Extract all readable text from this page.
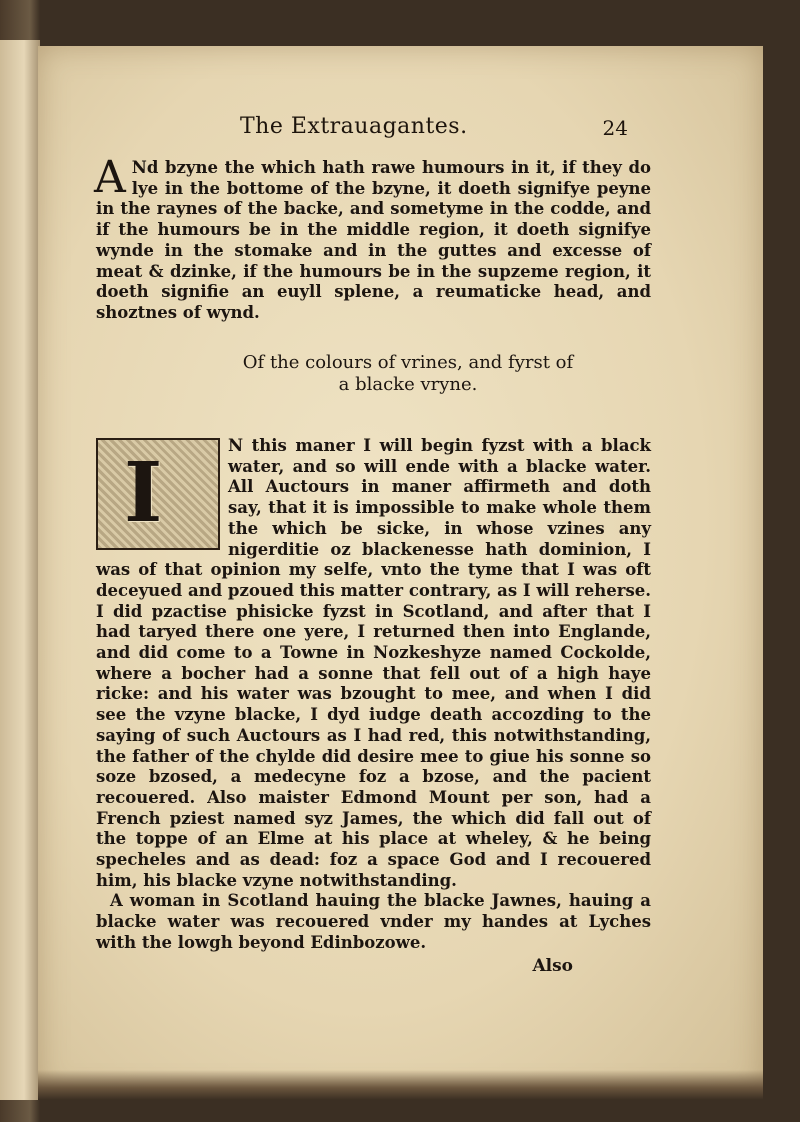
The Extrauagantes.	24

A Nd bzyne the which hath rawe humours in it, if they do lye in the bottome of the bzyne, it doeth signifye peyne in the raynes of the backe, and sometyme in the codde, and if the humours be in the middle region, it doeth signifye wynde in the stomake and in the guttes and excesse of meat & dzinke, if the humours be in the supzeme region, it doeth signifie an euyll splene, a reumaticke head, and shoztnes of wynd.

Of the colours of vrines, and fyrst of
a blacke vryne.
I	N this maner I will begin fyzst with a black water, and so will ende with a blacke water. All Auctours in maner affirmeth and doth say, that it is impossible to make whole them the which be sicke, in whose vzines any nigerditie oz blackenesse hath dominion, I was of that opinion my selfe, vnto the tyme that I was oft deceyued and pzoued this matter contrary, as I will reherse. I did pzactise phisicke fyzst in Scotland, and after that I had taryed there one yere, I returned then into Englande, and did come to a Towne in Nozkeshyze named Cockolde, where a bocher had a sonne that fell out of a high haye ricke: and his water was bzought to mee, and when I did see the vzyne blacke, I dyd iudge death accozding to the saying of such Auctours as I had red, this notwithstanding, the father of the chylde did desire mee to giue his sonne so soze bzosed, a medecyne foz a bzose, and the pacient recouered. Also maister Edmond Mount per son, had a French pziest named syz James, the which did fall out of the toppe of an Elme at his place at wheley, & he being specheles and as dead: foz a space God and I recouered him, his blacke vzyne notwithstanding.
A woman in Scotland hauing the blacke Jawnes, hauing a blacke water was recouered vnder my handes at Lyches with the lowgh beyond Edinbozowe.
Also
